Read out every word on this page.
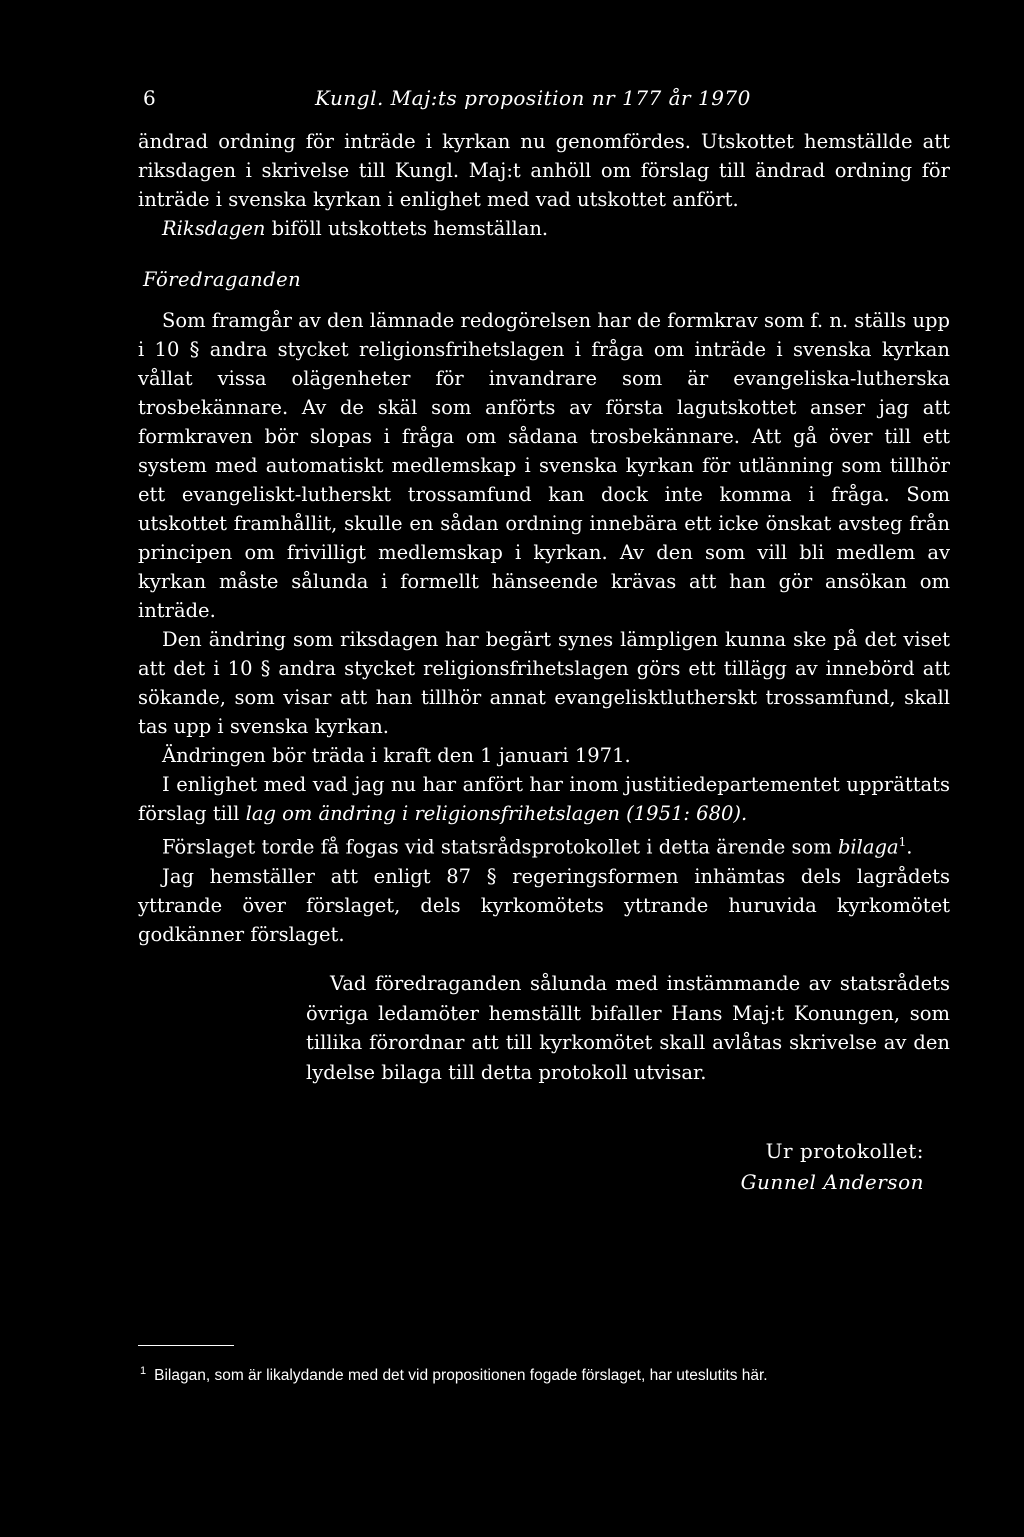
6	Kungl. Maj:ts proposition nr 177 år 1970

ändrad ordning för inträde i kyrkan nu genomfördes. Utskottet hemställde att riksdagen i skrivelse till Kungl. Maj:t anhöll om förslag till ändrad ordning för inträde i svenska kyrkan i enlighet med vad utskottet anfört.

Riksdagen biföll utskottets hemställan.

Föredraganden

Som framgår av den lämnade redogörelsen har de formkrav som f. n. ställs upp i 10 § andra stycket religionsfrihetslagen i fråga om inträde i svenska kyrkan vållat vissa olägenheter för invandrare som är evangeliska-lutherska trosbekännare. Av de skäl som anförts av första lagutskottet anser jag att formkraven bör slopas i fråga om sådana trosbekännare. Att gå över till ett system med automatiskt medlemskap i svenska kyrkan för utlänning som tillhör ett evangeliskt-lutherskt trossamfund kan dock inte komma i fråga. Som utskottet framhållit, skulle en sådan ordning innebära ett icke önskat avsteg från principen om frivilligt medlemskap i kyrkan. Av den som vill bli medlem av kyrkan måste sålunda i formellt hänseende krävas att han gör ansökan om inträde.

Den ändring som riksdagen har begärt synes lämpligen kunna ske på det viset att det i 10 § andra stycket religionsfrihetslagen görs ett tillägg av innebörd att sökande, som visar att han tillhör annat evangelisktlutherskt trossamfund, skall tas upp i svenska kyrkan.

Ändringen bör träda i kraft den 1 januari 1971.

I enlighet med vad jag nu har anfört har inom justitiedepartementet upprättats förslag till lag om ändring i religionsfrihetslagen (1951: 680).

Förslaget torde få fogas vid statsrådsprotokollet i detta ärende som bilaga$^1$.

Jag hemställer att enligt 87 § regeringsformen inhämtas dels lagrådets yttrande över förslaget, dels kyrkomötets yttrande huruvida kyrkomötet godkänner förslaget.

Vad föredraganden sålunda med instämmande av statsrådets övriga ledamöter hemställt bifaller Hans Maj:t Konungen, som tillika förordnar att till kyrkomötet skall avlåtas skrivelse av den lydelse bilaga till detta protokoll utvisar.

Ur protokollet:
Gunnel Anderson
$^1$ Bilagan, som är likalydande med det vid propositionen fogade förslaget, har uteslutits här.
